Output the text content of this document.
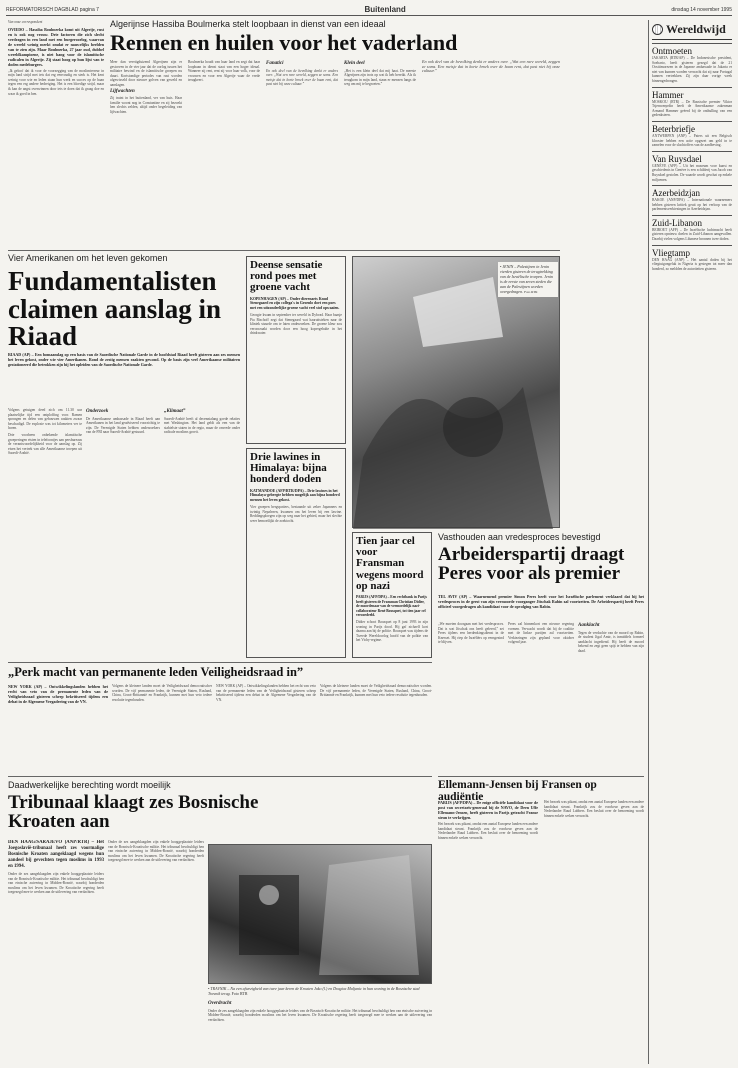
REFORMATORISCH DAGBLAD pagina 7	Buitenland	dinsdag 14 november 1995
Algerijnse Hassiba Boulmerka stelt loopbaan in dienst van een ideaal
Rennen en huilen voor het vaderland

Van onze correspondent

OVIEDO – Hassiba Boulmerka komt uit Algerije, rust en is ook nog vrouw. Drie factoren die zich slecht verdragen in een land met een burgeroorlog, waarvan de wereld weinig merkt omdat er nauwelijks beelden van te zien zijn. Maar Boulmerka, 27 jaar oud, dubbel wereldkampioene, is niet bang voor de islamitische radicalen in Algerije. Zij staat hoog op hun lijst van te doden medeburgers.

„Ik geloof dat ik voor de voorzegging van de moslimterreur in mijn land strijd met iets dat erg eenvoudig en sterk is. Het kent weinig voor wie en leden staan hun werk en succes op de baan tegen een erg andere bedreiging. Het is een bloedige strijd, maar ik kan de angst overwinnen door iets te doen dat ik graag doe en waar ik goed in ben.

Meer dan veertigduizend Algerijnen zijn er gestorven in de vier jaar dat de oorlog tussen het militaire bewind en de islamitische groepen nu duurt. Kortstondige periodes van rust worden afgewisseld door nieuwe golven van geweld en aanslagen.

Lijfwachten

Zij traint in het buitenland, ver van huis. Haar familie woont nog in Constantine en zij bezoekt hen slechts zelden, altijd onder begeleiding van lijfwachten.

Boulmerka houdt van haar land en zegt dat haar loopbaan in dienst staat van een hoger ideaal. Wanneer zij rent, rent zij voor haar volk, voor de vrouwen en voor een Algerije waar de vrede terugkeert.

Fanatici

En ook deel van de bevolking denkt er anders over. „Wat een rare wereld, zeggen ze soms. Een meisje dat in korte broek over de baan rent, dat past niet bij onze cultuur.”

Klein deel

„Het is een klein deel dat mij haat. De meeste Algerijnen zijn trots op wat ik heb bereikt. Als ik terugkom in mijn land, staan er mensen langs de weg om mij te begroeten.”

En ook deel van de bevolking denkt er anders over. „Wat een rare wereld, zeggen ze soms. Een meisje dat in korte broek over de baan rent, dat past niet bij onze cultuur.”

Vier Amerikanen om het leven gekomen
Fundamentalisten claimen aanslag in Riaad

RIAAD (AP) – Een bomaanslag op een basis van de Saoedische Nationale Garde in de hoofdstad Riaad heeft gisteren aan zes mensen het leven gekost, onder wie vier Amerikanen. Rond de zestig mensen raakten gewond. Op de basis zijn veel Amerikaanse militairen gestationeerd die betrokken zijn bij het opleiden van de Saoedische Nationale Garde.

Volgens getuigen deed zich om 11.30 uur plaatselijke tijd een ontploffing voor. Ramen sprongen en delen van gebouwen raakten zwaar beschadigd. De explosie was tot kilometers ver te horen.

Drie voorheen onbekende islamitische groeperingen eisten in telefoontjes aan persbureaus de verantwoordelijkheid voor de aanslag op. Zij eisen het vertrek van alle Amerikaanse troepen uit Saoedi-Arabië.

Onderzoek

De Amerikaanse ambassade in Riaad heeft aan Amerikanen in het land geadviseerd voorzichtig te zijn. De Verenigde Staten hebben onderzoekers van de FBI naar Saoedi-Arabië gestuurd.

„Klimaat”

Saoedi-Arabië heeft al decennialang goede relaties met Washington. Het land geldt als een van de stabielste staten in de regio, maar de onvrede onder radicale moslims groeit.

Deense sensatie rond poes met groene vacht
KOPENHAGEN (AP) – Onder dierenarts Knud Stenegaard en zijn collega's in Groenlo doet een poes met een uitzonderlijke groene vacht veel stof opwaaien.
Georgie kwam in september ter wereld in Dybvad. Haar baasje Pia Bischoff zegt dat Stenegaard wat haaruitsteken naar de kliniek stuurde om te laten onderzoeken. De groene kleur zou veroorzaakt worden door een hoog kopergehalte in het drinkwater.
Drie lawines in Himalaya: bijna honderd doden
KATMANDOE (AFP/RTR/DPA) – Drie lawines in het Himalaya-gebergte hebben mogelijk aan bijna honderd mensen het leven gekost.
Vier groepen bergspotters, bestaande uit zeker Japanners en twintig Nepalezen, kwamen om het leven bij een lawine. Reddingsploegen zijn op weg naar het gebied, maar het slechte weer bemoeilijkt de zoektocht.
• JENIN – Palestijnen in Jenin vierden gisteren de terugtrekking van de Israëlische troepen. Jenin is de eerste van zeven steden die aan de Palestijnen worden overgedragen. Foto RTR
Tien jaar cel voor Fransman wegens moord op nazi
PARIJS (AFP/DPA) – Een rechtbank in Parijs heeft gisteren de Fransman Christian Didier, de moordenaar van de vermoedelijk nazi-collaborateur René Bousquet, tot tien jaar cel veroordeeld.
Didier schoot Bousquet op 8 juni 1993 in zijn woning in Parijs dood. Hij gaf zichzelf kort daarna aan bij de politie. Bousquet was tijdens de Tweede Wereldoorlog hoofd van de politie van het Vichy-regime.
Vasthouden aan vredesproces bevestigd
Arbeiderspartij draagt Peres voor als premier

TEL AVIV (AP) – Waarnemend premier Simon Peres heeft voor het Israëlische parlement verklaard dat hij het vredesproces in de geest van zijn vermoorde voorganger Jitschak Rabin zal voortzetten. De Arbeiderspartij heeft Peres officieel voorgedragen als kandidaat voor de opvolging van Rabin.

„We moeten doorgaan met het vredesproces. Dat is wat Jitschak ons heeft geleerd,” zei Peres tijdens een herdenkingsdienst in de Knesset. Hij riep de Israëliërs op eensgezind te blijven.

Peres zal binnenkort een nieuwe regering vormen. Verwacht wordt dat hij de coalitie met de linkse partijen zal voortzetten. Verkiezingen zijn gepland voor oktober volgend jaar.

Aanklacht

Tegen de verdachte van de moord op Rabin, de student Jigal Amir, is inmiddels formeel aanklacht ingediend. Hij heeft de moord bekend en zegt geen spijt te hebben van zijn daad.

„Perk macht van permanente leden Veiligheidsraad in”

NEW YORK (AP) – Ontwikkelingslanden hebben het recht van veto van de permanente leden van de Veiligheidsraad gisteren scherp bekritiseerd tijdens een debat in de Algemene Vergadering van de VN.

Volgens de kleinere landen moet de Veiligheidsraad democratischer worden. De vijf permanente leden, de Verenigde Staten, Rusland, China, Groot-Brittannië en Frankrijk, kunnen met hun veto iedere resolutie tegenhouden.

NEW YORK (AP) – Ontwikkelingslanden hebben het recht van veto van de permanente leden van de Veiligheidsraad gisteren scherp bekritiseerd tijdens een debat in de Algemene Vergadering van de VN.

Volgens de kleinere landen moet de Veiligheidsraad democratischer worden. De vijf permanente leden, de Verenigde Staten, Rusland, China, Groot-Brittannië en Frankrijk, kunnen met hun veto iedere resolutie tegenhouden.

Daadwerkelijke berechting wordt moeilijk
Tribunaal klaagt zes Bosnische Kroaten aan

DEN HAAG/SARAJEVO (ANP/RTR) – Het Joegoslavië-tribunaal heeft zes voormalige Bosnische Kroaten aangeklaagd wegens hun aandeel bij gevechten tegen moslims in 1993 en 1994.

Onder de zes aangeklaagden zijn enkele hooggeplaatste leiders van de Bosnisch-Kroatische militie. Het tribunaal beschuldigt hen van etnische zuivering in Midden-Bosnië, waarbij honderden moslims om het leven kwamen. De Kroatische regering heeft toegezegd mee te werken aan de uitlevering van verdachten.

Onder de zes aangeklaagden zijn enkele hooggeplaatste leiders van de Bosnisch-Kroatische militie. Het tribunaal beschuldigt hen van etnische zuivering in Midden-Bosnië, waarbij honderden moslims om het leven kwamen. De Kroatische regering heeft toegezegd mee te werken aan de uitlevering van verdachten.

• TRAVNIK – Na een afwezigheid van twee jaar keren de Kroaten Jako (l.) en Dragica Maljanic in hun woning in de Bosnische stad Travnik terug. Foto RTR
Overdracht

Onder de zes aangeklaagden zijn enkele hooggeplaatste leiders van de Bosnisch-Kroatische militie. Het tribunaal beschuldigt hen van etnische zuivering in Midden-Bosnië, waarbij honderden moslims om het leven kwamen. De Kroatische regering heeft toegezegd mee te werken aan de uitlevering van verdachten.

Ellemann-Jensen bij Fransen op audiëntie

PARIJS (AFP/DPA) – De enige officiële kandidaat voor de post van secretaris-generaal bij de NAVO, de Deen Uffe Ellemann-Jensen, heeft gisteren in Parijs getracht Franse steun te verkrijgen.

Het bezoek was pikant, omdat een aantal Europese landen een andere kandidaat steunt. Frankrijk zou de voorkeur geven aan de Nederlander Ruud Lubbers. Een besluit over de benoeming wordt binnen enkele weken verwacht.

Het bezoek was pikant, omdat een aantal Europese landen een andere kandidaat steunt. Frankrijk zou de voorkeur geven aan de Nederlander Ruud Lubbers. Een besluit over de benoeming wordt binnen enkele weken verwacht.

Wereldwijd
Ontmoeten
JAKARTA (RTR/AP) – De Indonesische president, Soeharto, heeft gisteren gezegd dat de 21 Oosttimorezen in de Japanse ambassade in Jakarta er niet van kunnen worden verwacht dat zij naar Portugal kunnen vertrekken. Zij zijn daar vorige week binnengedrongen.
Hammer
MOSKOU (RTR) – De Russische premier Viktor Tsjernomyrdin heeft de Amerikaanse zakenman Armand Hammer geëerd bij de onthulling van een gedenksteen.
Beterbriefje
ANTWERPEN (ANP) – Paters uit een Belgisch klooster hebben een actie opgezet om geld in te zamelen voor de slachtoffers van de aardbeving.
Van Ruysdael
GENÈVE (AFP) – Uit het museum voor kunst en geschiedenis in Genève is een schilderij van Jacob van Ruysdael gestolen. De waarde wordt geschat op enkele miljoenen.
Azerbeidzjan
BAKOE (ANP/DPA) – Internationale waarnemers hebben gisteren kritiek geuit op het verloop van de parlementsverkiezingen in Azerbeidzjan.
Zuid-Libanon
BEIROET (AFP) – De Israëlische luchtmacht heeft gisteren opnieuw doelen in Zuid-Libanon aangevallen. Daarbij vielen volgens Libanese bronnen twee doden.
Vliegtamp
DEN HAAG (ANP) – Het aantal doden bij het vliegtuigongeluk in Nigeria is gestegen tot meer dan honderd, zo meldden de autoriteiten gisteren.
